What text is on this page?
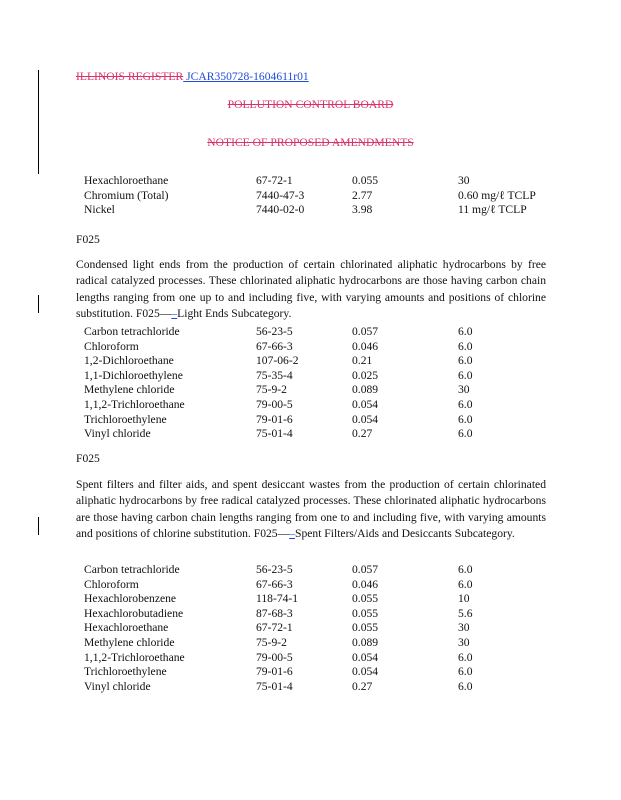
ILLINOIS REGISTER JCAR350728-1604611r01
POLLUTION CONTROL BOARD
NOTICE OF PROPOSED AMENDMENTS
Hexachloroethane	67-72-1	0.055	30
Chromium (Total)	7440-47-3	2.77	0.60 mg/ℓ TCLP
Nickel	7440-02-0	3.98	11 mg/ℓ TCLP
F025
Condensed light ends from the production of certain chlorinated aliphatic hydrocarbons by free radical catalyzed processes. These chlorinated aliphatic hydrocarbons are those having carbon chain lengths ranging from one up to and including five, with varying amounts and positions of chlorine substitution. F025—–Light Ends Subcategory.
Carbon tetrachloride	56-23-5	0.057	6.0
Chloroform	67-66-3	0.046	6.0
1,2-Dichloroethane	107-06-2	0.21	6.0
1,1-Dichloroethylene	75-35-4	0.025	6.0
Methylene chloride	75-9-2	0.089	30
1,1,2-Trichloroethane	79-00-5	0.054	6.0
Trichloroethylene	79-01-6	0.054	6.0
Vinyl chloride	75-01-4	0.27	6.0
F025
Spent filters and filter aids, and spent desiccant wastes from the production of certain chlorinated aliphatic hydrocarbons by free radical catalyzed processes. These chlorinated aliphatic hydrocarbons are those having carbon chain lengths ranging from one to and including five, with varying amounts and positions of chlorine substitution. F025—–Spent Filters/Aids and Desiccants Subcategory.
Carbon tetrachloride	56-23-5	0.057	6.0
Chloroform	67-66-3	0.046	6.0
Hexachlorobenzene	118-74-1	0.055	10
Hexachlorobutadiene	87-68-3	0.055	5.6
Hexachloroethane	67-72-1	0.055	30
Methylene chloride	75-9-2	0.089	30
1,1,2-Trichloroethane	79-00-5	0.054	6.0
Trichloroethylene	79-01-6	0.054	6.0
Vinyl chloride	75-01-4	0.27	6.0
